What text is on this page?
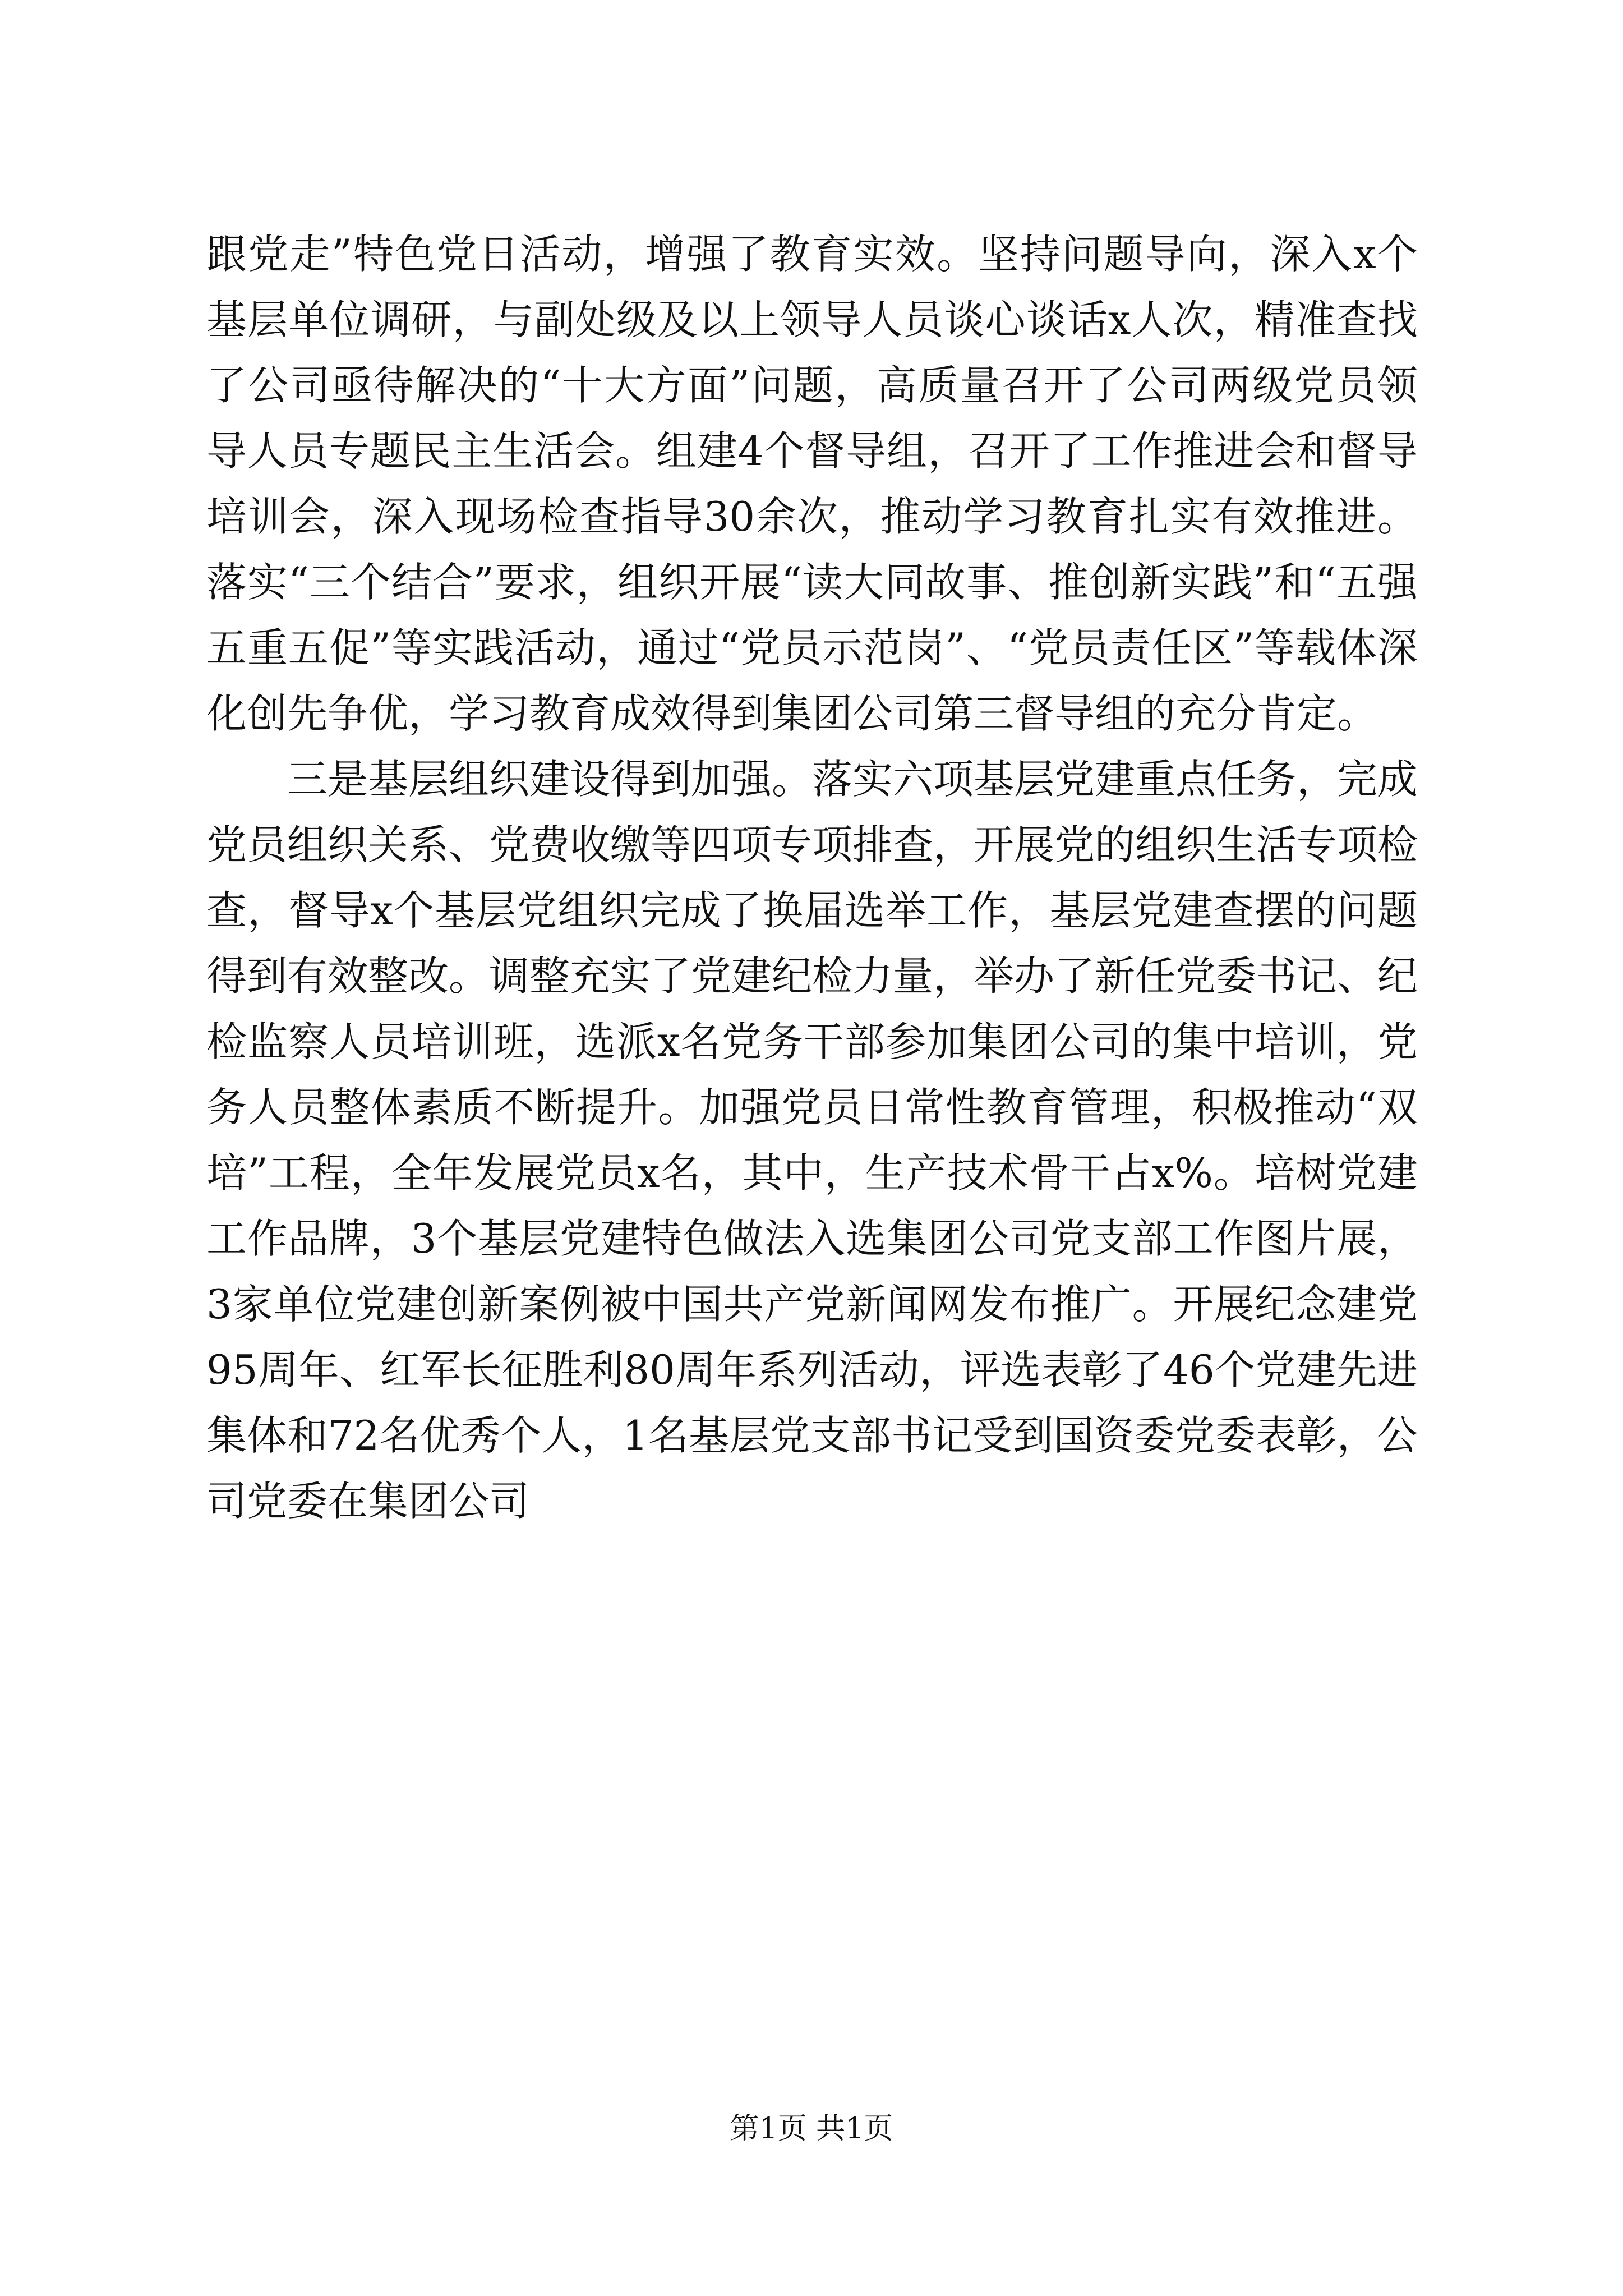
跟党走”特色党日活动，增强了教育实效。坚持问题导向，深入x个基层单位调研，与副处级及以上领导人员谈心谈话x人次，精准查找了公司亟待解决的“十大方面”问题，高质量召开了公司两级党员领导人员专题民主生活会。组建4个督导组，召开了工作推进会和督导培训会，深入现场检查指导30余次，推动学习教育扎实有效推进。落实“三个结合”要求，组织开展“读大同故事、推创新实践”和“五强五重五促”等实践活动，通过“党员示范岗”、“党员责任区”等载体深化创先争优，学习教育成效得到集团公司第三督导组的充分肯定。

三是基层组织建设得到加强。落实六项基层党建重点任务，完成党员组织关系、党费收缴等四项专项排查，开展党的组织生活专项检查，督导x个基层党组织完成了换届选举工作，基层党建查摆的问题得到有效整改。调整充实了党建纪检力量，举办了新任党委书记、纪检监察人员培训班，选派x名党务干部参加集团公司的集中培训，党务人员整体素质不断提升。加强党员日常性教育管理，积极推动“双培”工程，全年发展党员x名，其中，生产技术骨干占x%。培树党建工作品牌，3个基层党建特色做法入选集团公司党支部工作图片展，3家单位党建创新案例被中国共产党新闻网发布推广。开展纪念建党95周年、红军长征胜利80周年系列活动，评选表彰了46个党建先进集体和72名优秀个人，1名基层党支部书记受到国资委党委表彰，公司党委在集团公司

第1页 共1页
